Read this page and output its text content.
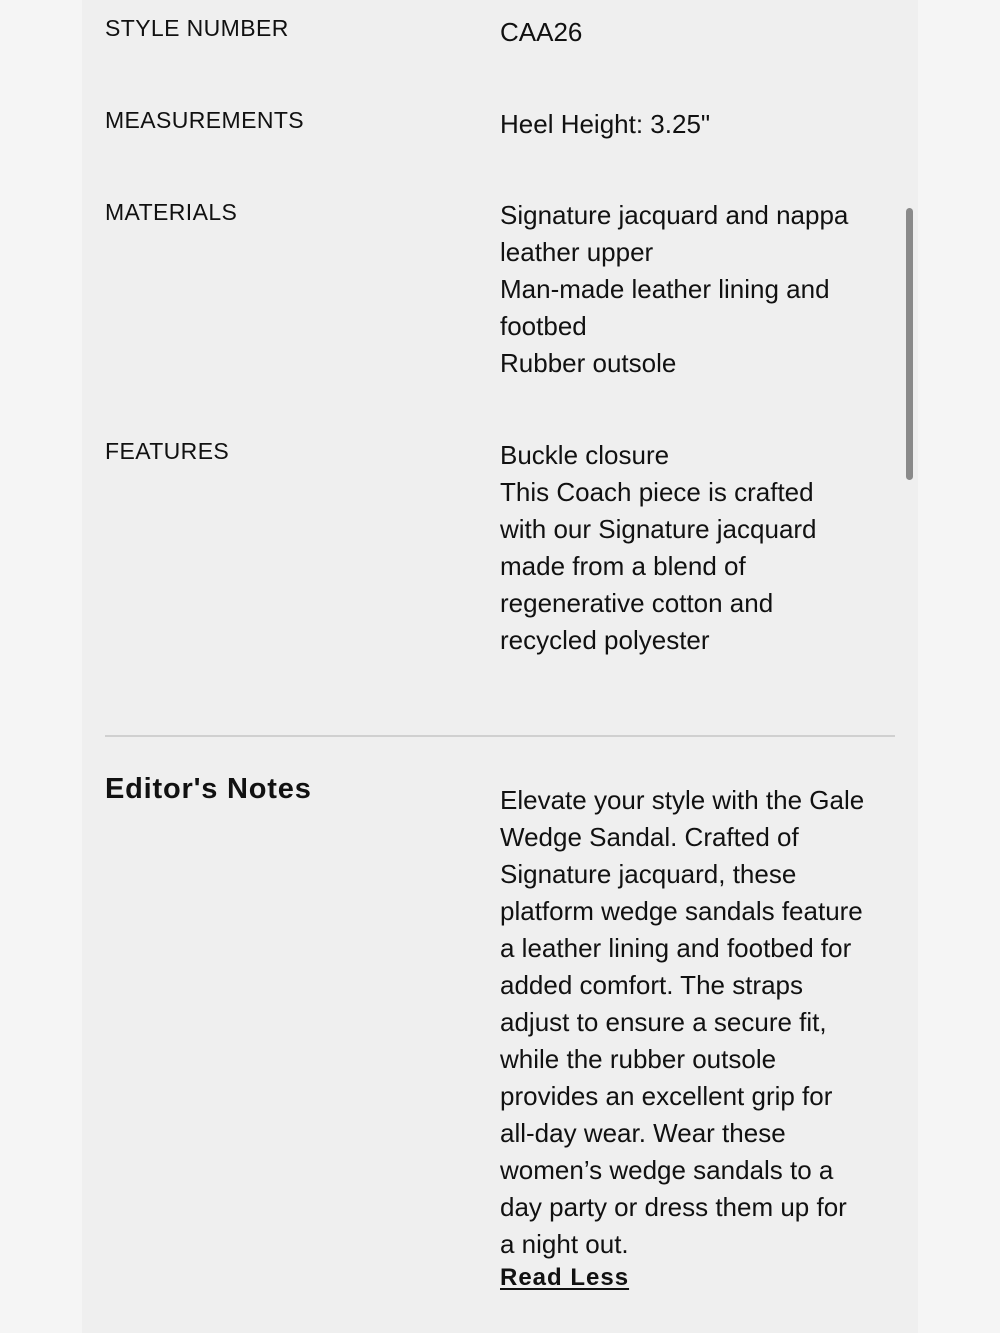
STYLE NUMBER	CAA26
MEASUREMENTS	Heel Height: 3.25"
MATERIALS	Signature jacquard and nappa
leather upper
Man-made leather lining and
footbed
Rubber outsole
FEATURES	Buckle closure
This Coach piece is crafted
with our Signature jacquard
made from a blend of
regenerative cotton and
recycled polyester
Editor's Notes	Elevate your style with the Gale
Wedge Sandal. Crafted of
Signature jacquard, these
platform wedge sandals feature
a leather lining and footbed for
added comfort. The straps
adjust to ensure a secure fit,
while the rubber outsole
provides an excellent grip for
all-day wear. Wear these
women’s wedge sandals to a
day party or dress them up for
a night out.
Read Less
